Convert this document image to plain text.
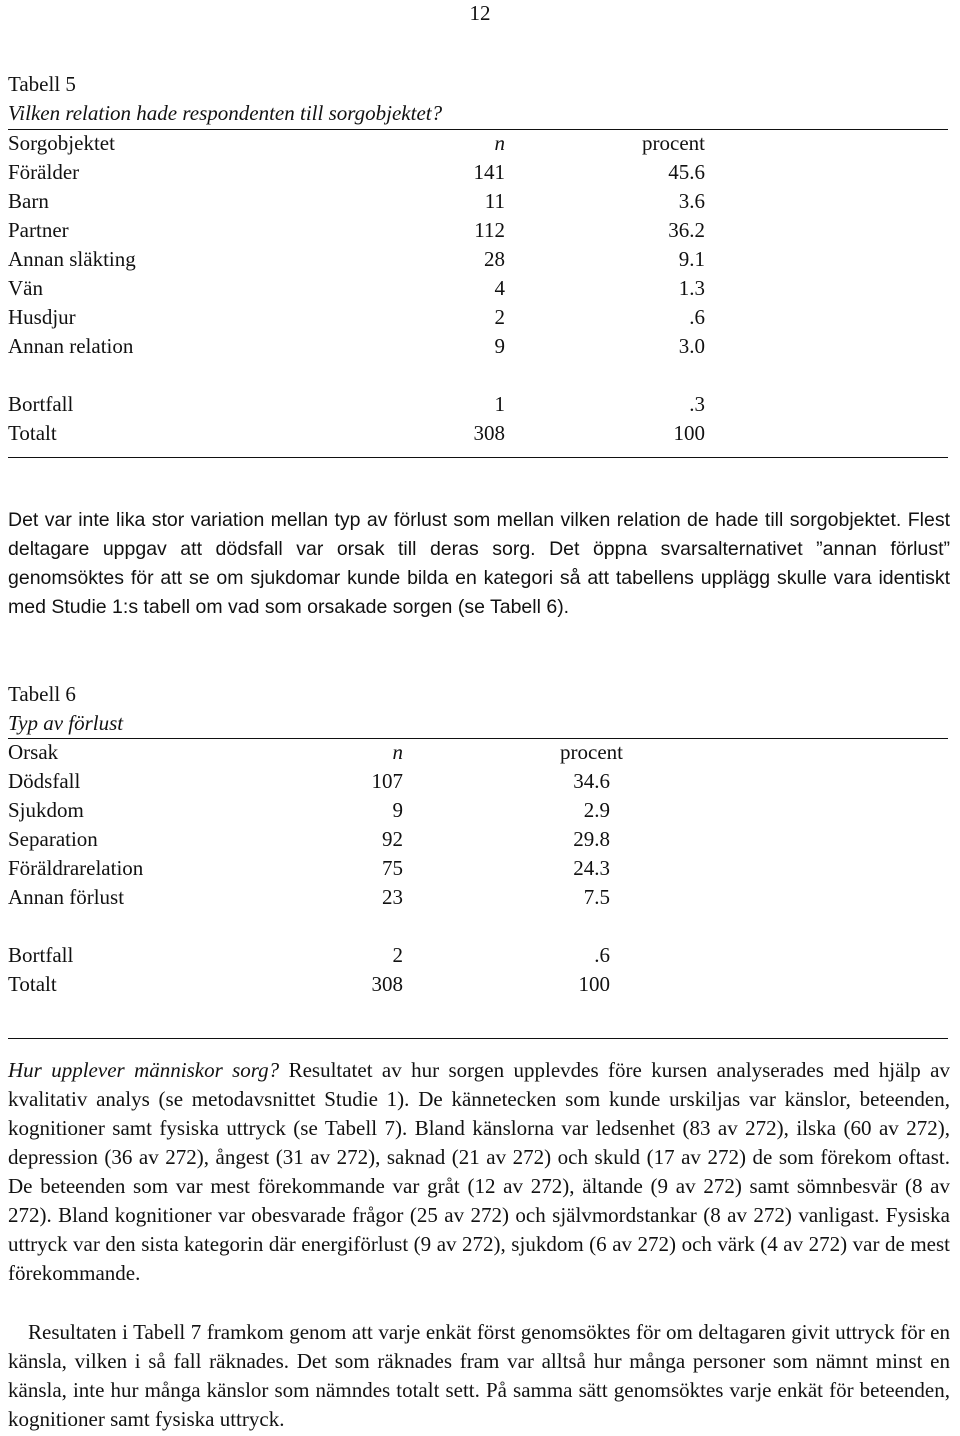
12
Tabell 5
Vilken relation hade respondenten till sorgobjektet?
Sorgobjektet	n	procent
Förälder	141	45.6
Barn	11	3.6
Partner	112	36.2
Annan släkting	28	9.1
Vän	4	1.3
Husdjur	2	.6
Annan relation	9	3.0

Bortfall	1	.3
Totalt	308	100
Det var inte lika stor variation mellan typ av förlust som mellan vilken relation de hade till sorgobjektet. Flest deltagare uppgav att dödsfall var orsak till deras sorg. Det öppna svarsalternativet ”annan förlust” genomsöktes för att se om sjukdomar kunde bilda en kategori så att tabellens upplägg skulle vara identiskt med Studie 1:s tabell om vad som orsakade sorgen (se Tabell 6).
Tabell 6
Typ av förlust
Orsak	n	procent
Dödsfall	107	34.6
Sjukdom	9	2.9
Separation	92	29.8
Föräldrarelation	75	24.3
Annan förlust	23	7.5

Bortfall	2	.6
Totalt	308	100

Hur upplever människor sorg? Resultatet av hur sorgen upplevdes före kursen analyserades med hjälp av kvalitativ analys (se metodavsnittet Studie 1). De kännetecken som kunde urskiljas var känslor, beteenden, kognitioner samt fysiska uttryck (se Tabell 7). Bland känslorna var ledsenhet (83 av 272), ilska (60 av 272), depression (36 av 272), ångest (31 av 272), saknad (21 av 272) och skuld (17 av 272) de som förekom oftast. De beteenden som var mest förekommande var gråt (12 av 272), ältande (9 av 272) samt sömnbesvär (8 av 272). Bland kognitioner var obesvarade frågor (25 av 272) och självmordstankar (8 av 272) vanligast. Fysiska uttryck var den sista kategorin där energiförlust (9 av 272), sjukdom (6 av 272) och värk (4 av 272) var de mest förekommande.

Resultaten i Tabell 7 framkom genom att varje enkät först genomsöktes för om deltagaren givit uttryck för en känsla, vilken i så fall räknades. Det som räknades fram var alltså hur många personer som nämnt minst en känsla, inte hur många känslor som nämndes totalt sett. På samma sätt genomsöktes varje enkät för beteenden, kognitioner samt fysiska uttryck.
